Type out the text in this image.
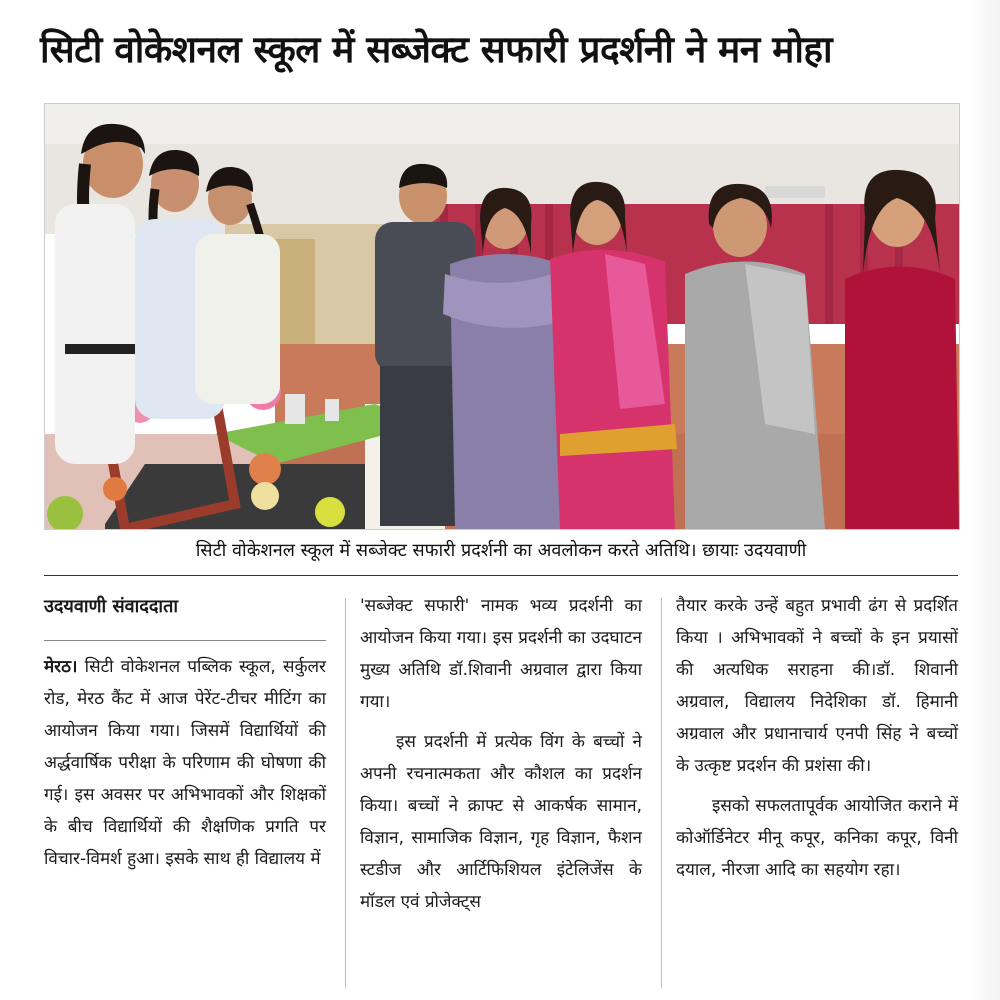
सिटी वोकेशनल स्कूल में सब्जेक्ट सफारी प्रदर्शनी ने मन मोहा
सिटी वोकेशनल स्कूल में सब्जेक्ट सफारी प्रदर्शनी का अवलोकन करते अतिथि। छायाः उदयवाणी
उदयवाणी संवाददाता

मेरठ। सिटी वोकेशनल पब्लिक स्कूल, सर्कुलर रोड, मेरठ कैंट में आज पेरेंट-टीचर मीटिंग का आयोजन किया गया। जिसमें विद्यार्थियों की अर्द्धवार्षिक परीक्षा के परिणाम की घोषणा की गई। इस अवसर पर अभिभावकों और शिक्षकों के बीच विद्यार्थियों की शैक्षणिक प्रगति पर विचार-विमर्श हुआ। इसके साथ ही विद्यालय में

'सब्जेक्ट सफारी' नामक भव्य प्रदर्शनी का आयोजन किया गया। इस प्रदर्शनी का उदघाटन मुख्य अतिथि डॉ.शिवानी अग्रवाल द्वारा किया गया।

इस प्रदर्शनी में प्रत्येक विंग के बच्चों ने अपनी रचनात्मकता और कौशल का प्रदर्शन किया। बच्चों ने क्राफ्ट से आकर्षक सामान, विज्ञान, सामाजिक विज्ञान, गृह विज्ञान, फैशन स्टडीज और आर्टिफिशियल इंटेलिजेंस के मॉडल एवं प्रोजेक्ट्स

तैयार करके उन्हें बहुत प्रभावी ढंग से प्रदर्शित किया । अभिभावकों ने बच्चों के इन प्रयासों की अत्यधिक सराहना की।डॉ. शिवानी अग्रवाल, विद्यालय निदेशिका डॉ. हिमानी अग्रवाल और प्रधानाचार्य एनपी सिंह ने बच्चों के उत्कृष्ट प्रदर्शन की प्रशंसा की।

इसको सफलतापूर्वक आयोजित कराने में कोऑर्डिनेटर मीनू कपूर, कनिका कपूर, विनी दयाल, नीरजा आदि का सहयोग रहा।
